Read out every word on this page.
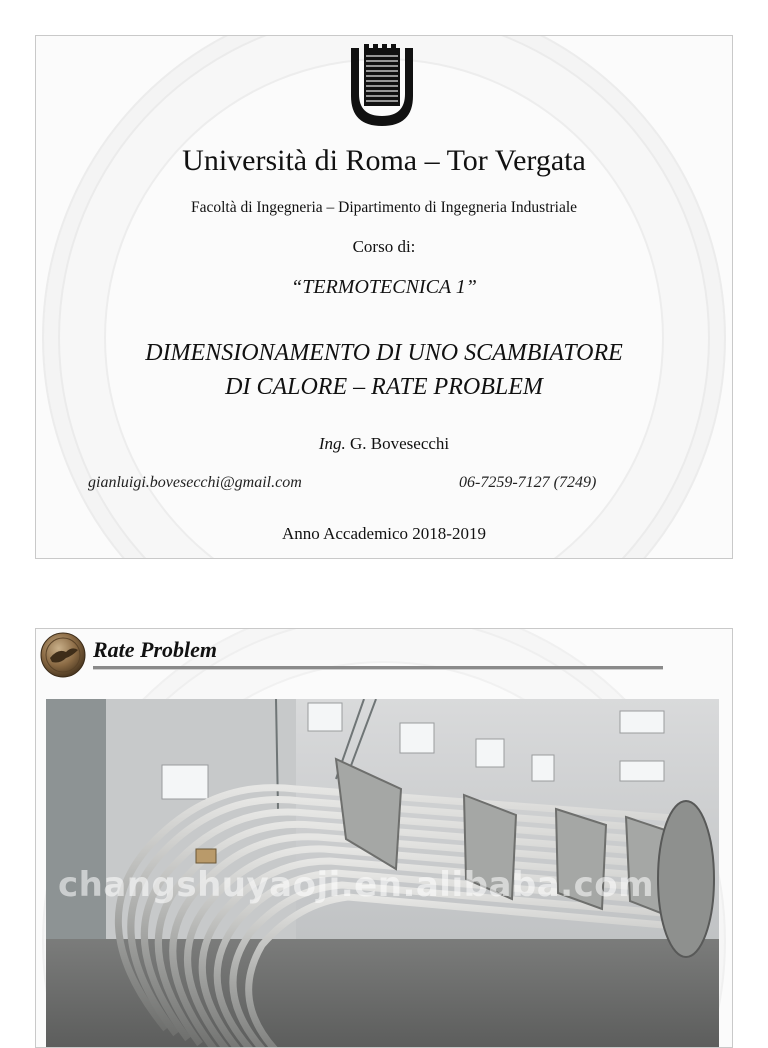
Università di Roma – Tor Vergata
Facoltà di Ingegneria – Dipartimento di Ingegneria Industriale
Corso di:
“TERMOTECNICA 1”
DIMENSIONAMENTO DI UNO SCAMBIATORE
DI CALORE – RATE PROBLEM
Ing. G. Bovesecchi
gianluigi.bovesecchi@gmail.com	06-7259-7127 (7249)
Anno Accademico 2018-2019
Rate Problem
changshuyaoji.en.alibaba.com
